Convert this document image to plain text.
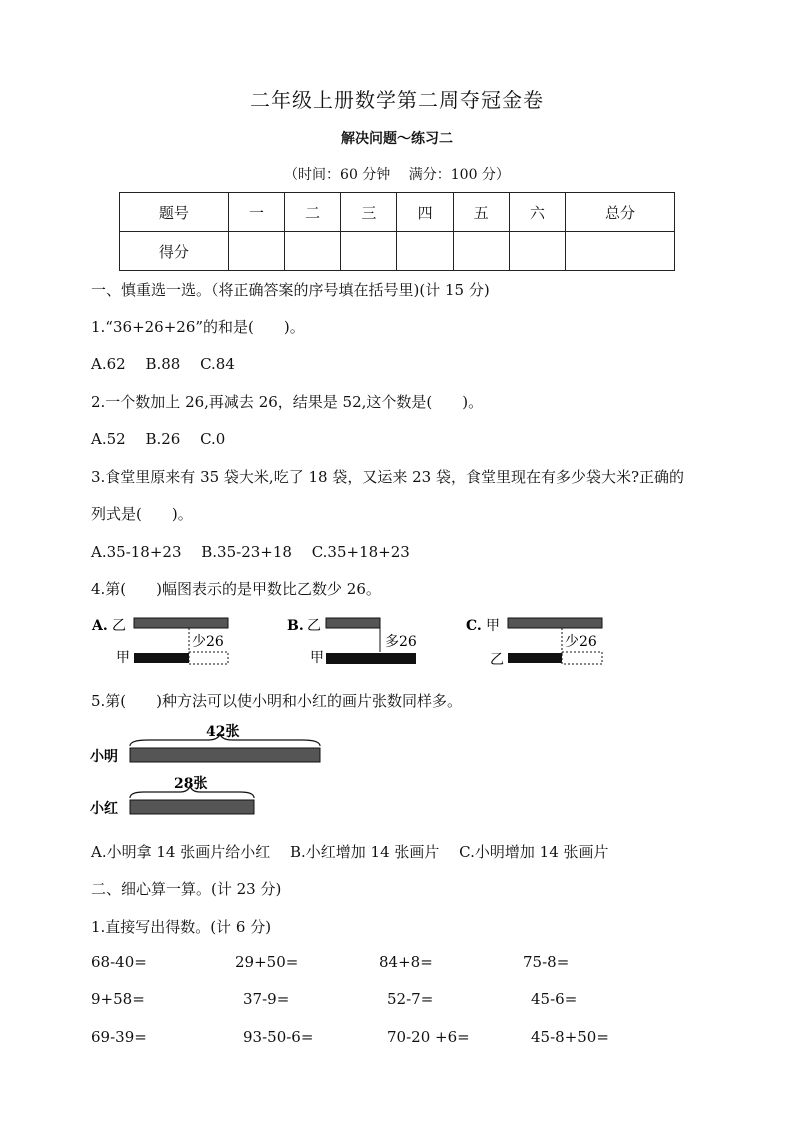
二年级上册数学第二周夺冠金卷
解决问题～练习二
（时间：60 分钟　 满分：100 分）
题号	一	二	三	四	五	六	总分
得分							
一、慎重选一选。（将正确答案的序号填在括号里)(计 15 分)
1.“36+26+26”的和是(　　)。
A.62　 B.88　 C.84
2.一个数加上 26,再减去 26，结果是 52,这个数是(　　)。
A.52　 B.26　 C.0
3.食堂里原来有 35 袋大米,吃了 18 袋，又运来 23 袋，食堂里现在有多少袋大米?正确的
列式是(　　)。
A.35-18+23　 B.35-23+18　 C.35+18+23
4.第(　　)幅图表示的是甲数比乙数少 26。
A. 乙
少26
甲
B. 乙
多26
甲
C. 甲
少26
乙
5.第(　　)种方法可以使小明和小红的画片张数同样多。
42张
小明
28张
小红
A.小明拿 14 张画片给小红　 B.小红增加 14 张画片　 C.小明增加 14 张画片
二、细心算一算。(计 23 分)
1.直接写出得数。(计 6 分)
68-40=	29+50=	84+8=	75-8=
9+58=	37-9=	52-7=	45-6=
69-39=	93-50-6=	70-20 +6=	45-8+50=
